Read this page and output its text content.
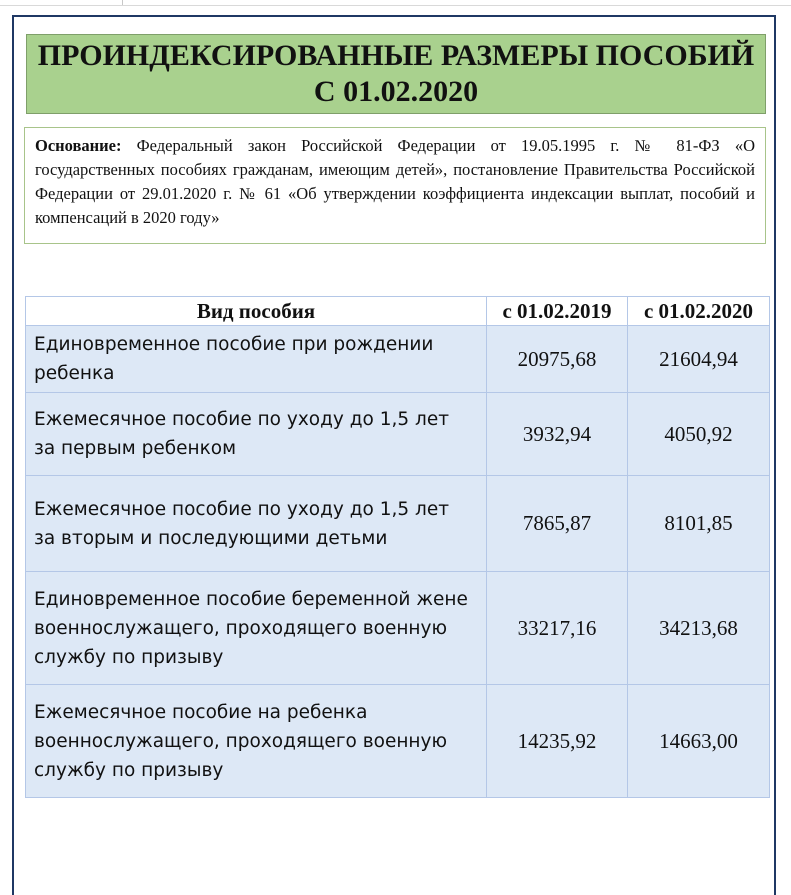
ПРОИНДЕКСИРОВАННЫЕ РАЗМЕРЫ ПОСОБИЙ
С 01.02.2020
Основание: Федеральный закон Российской Федерации от 19.05.1995 г. № 81-ФЗ «О государственных пособиях гражданам, имеющим детей», постановление Правительства Российской Федерации от 29.01.2020 г. № 61 «Об утверждении коэффициента индексации выплат, пособий и компенсаций в 2020 году»
Вид пособия	с 01.02.2019	с 01.02.2020
Единовременное пособие при рождении ребенка	20975,68	21604,94
Ежемесячное пособие по уходу до 1,5 лет за первым ребенком	3932,94	4050,92
Ежемесячное пособие по уходу до 1,5 лет за вторым и последующими детьми	7865,87	8101,85
Единовременное пособие беременной жене военнослужащего, проходящего военную службу по призыву	33217,16	34213,68
Ежемесячное пособие на ребенка военнослужащего, проходящего военную службу по призыву	14235,92	14663,00
